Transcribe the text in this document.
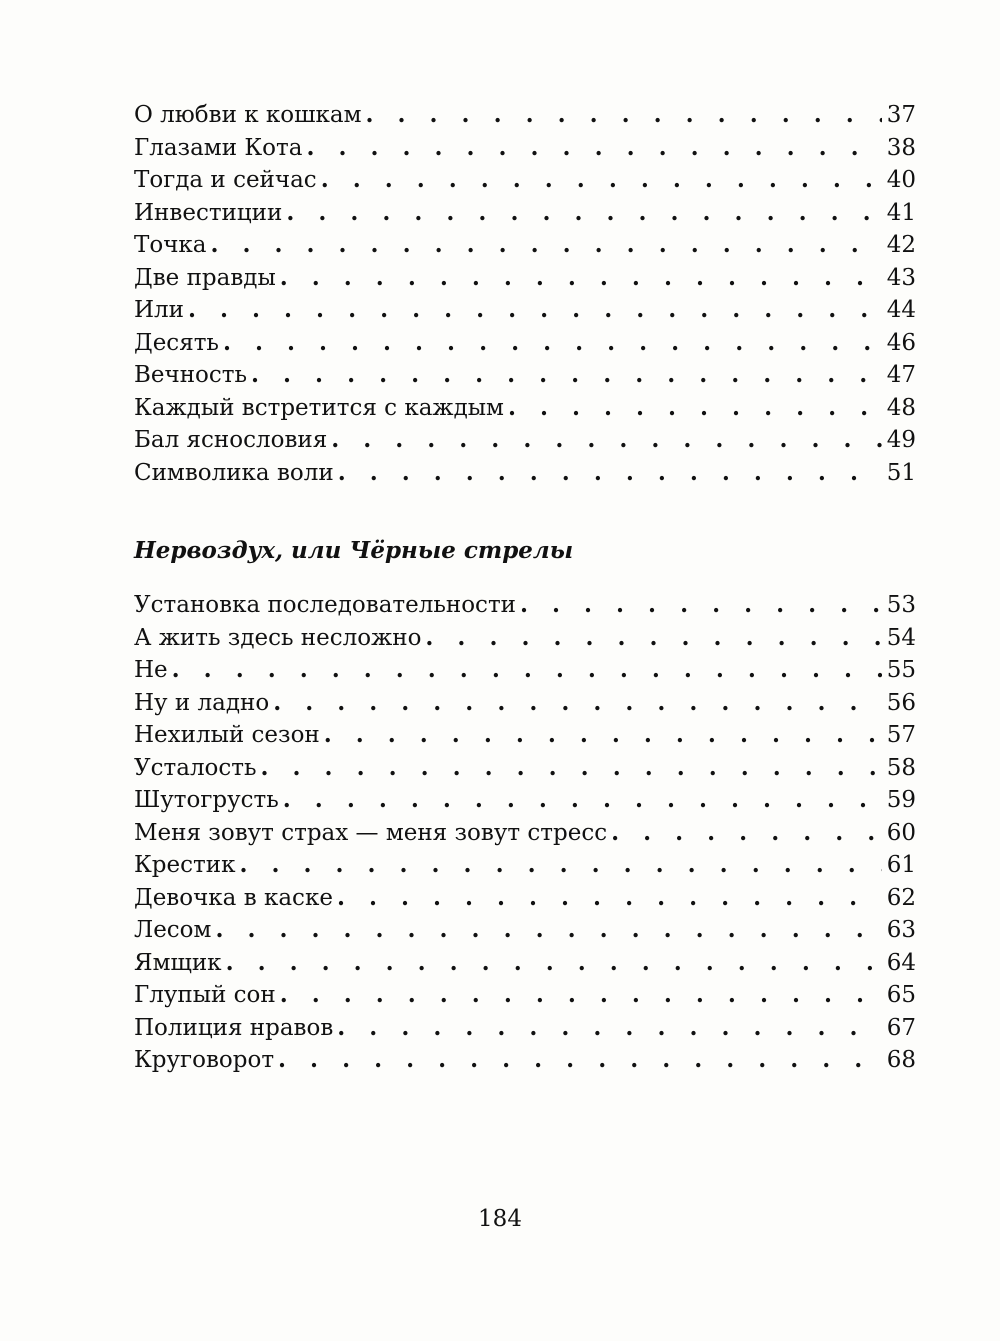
О любви к кошкам . . .	37
Глазами Кота . . .	38
Тогда и сейчас . . .	40
Инвестиции . . .	41
Точка . . .	42
Две правды . . .	43
Или . . .	44
Десять . . .	46
Вечность . . .	47
Каждый встретится с каждым . . .	48
Бал яснословия . . .	49
Символика воли . . .	51
Нервоздух, или Чёрные стрелы
Установка последовательности . . .	53
А жить здесь несложно . . .	54
Не . . .	55
Ну и ладно . . .	56
Нехилый сезон . . .	57
Усталость . . .	58
Шутогрусть . . .	59
Меня зовут страх — меня зовут стресс . . .	60
Крестик . . .	61
Девочка в каске . . .	62
Лесом . . .	63
Ямщик . . .	64
Глупый сон . . .	65
Полиция нравов . . .	67
Круговорот . . .	68
184
